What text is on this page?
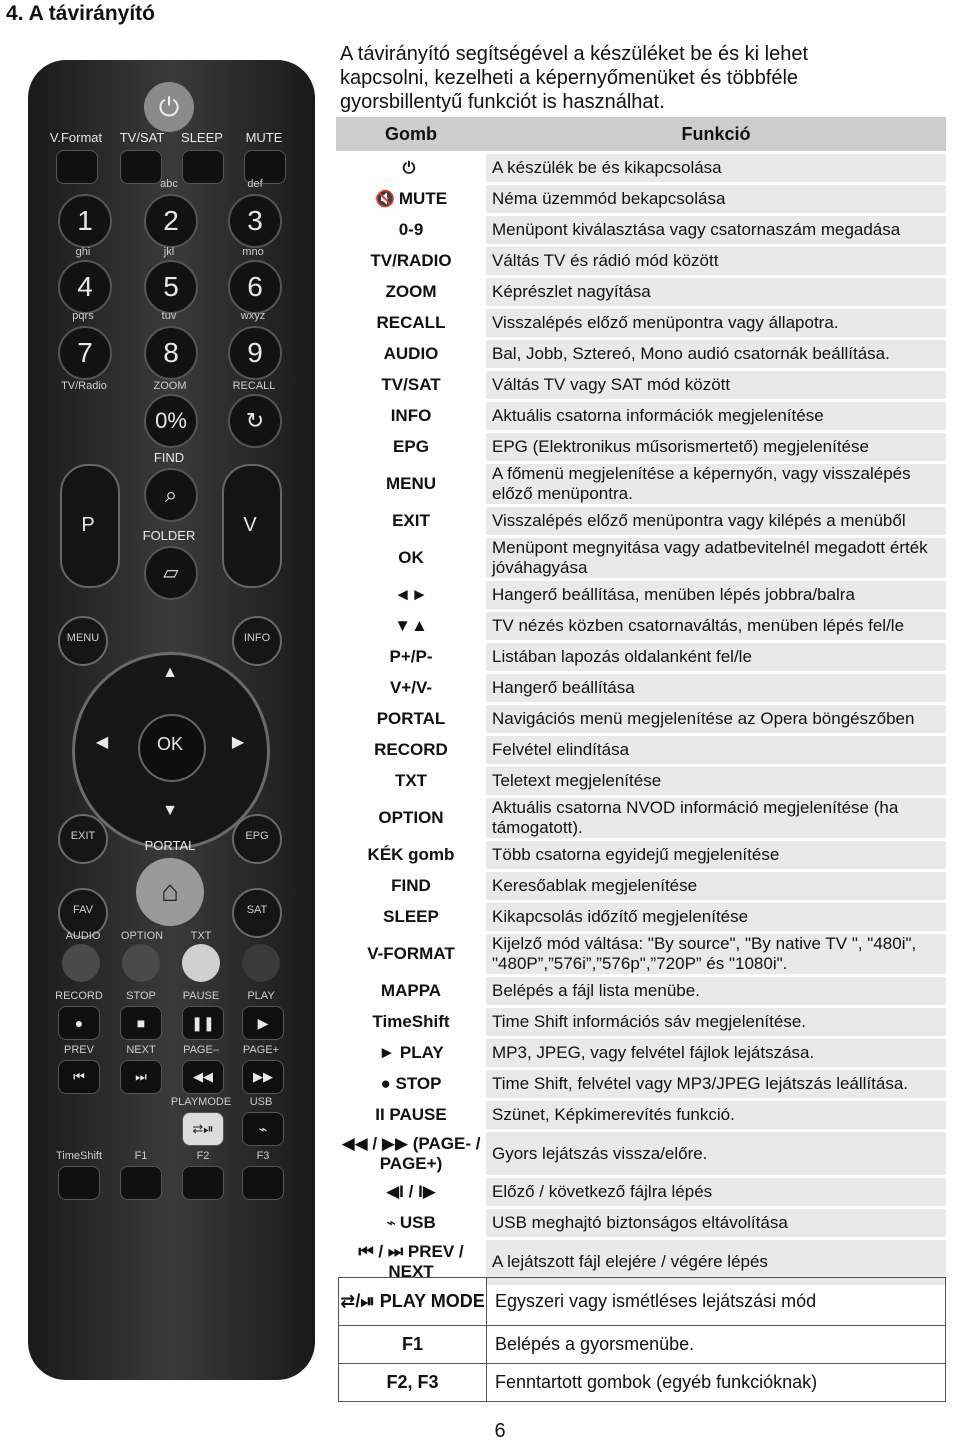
4. A távirányító
A távirányító segítségével a készüléket be és ki lehet kapcsolni, kezelheti a képernyőmenüket és többféle gyorsbillentyű funkciót is használhat.
⏻
V.Format	TV/SAT	SLEEP	MUTE
abc	def
1	2	3
ghi	jkl	mno
4	5	6
pqrs	tuv	wxyz
7	8	9
TV/Radio	ZOOM	RECALL
0%	↻
FIND
P	V
⌕
FOLDER
▱
MENU	INFO
OK
▲
▼
◀	▶
EXIT	EPG
PORTAL
⌂
FAV	SAT
AUDIO	OPTION	TXT
RECORD	STOP	PAUSE	PLAY
●	■	❚❚	▶
PREV	NEXT	PAGE–	PAGE+
⏮	⏭	◀◀	▶▶
PLAYMODE	USB
⇄⏯	⌁
TimeShift	F1	F2	F3
Gomb	Funkció
⏻	A készülék be és kikapcsolása
🔇 MUTE	Néma üzemmód bekapcsolása
0-9	Menüpont kiválasztása vagy csatornaszám megadása
TV/RADIO	Váltás TV és rádió mód között
ZOOM	Képrészlet nagyítása
RECALL	Visszalépés előző menüpontra vagy állapotra.
AUDIO	Bal, Jobb, Sztereó, Mono audió csatornák beállítása.
TV/SAT	Váltás TV vagy SAT mód között
INFO	Aktuális csatorna információk megjelenítése
EPG	EPG (Elektronikus műsorismertető) megjelenítése
MENU	A főmenü megjelenítése a képernyőn, vagy visszalépés előző menüpontra.
EXIT	Visszalépés előző menüpontra vagy kilépés a menüből
OK	Menüpont megnyitása vagy adatbevitelnél megadott érték jóváhagyása
◄►	Hangerő beállítása, menüben lépés jobbra/balra
▼▲	TV nézés közben csatornaváltás, menüben lépés fel/le
P+/P-	Listában lapozás oldalanként fel/le
V+/V-	Hangerő beállítása
PORTAL	Navigációs menü megjelenítése az Opera böngészőben
RECORD	Felvétel elindítása
TXT	Teletext megjelenítése
OPTION	Aktuális csatorna NVOD információ megjelenítése (ha támogatott).
KÉK gomb	Több csatorna egyidejű megjelenítése
FIND	Keresőablak megjelenítése
SLEEP	Kikapcsolás időzítő megjelenítése
V-FORMAT	Kijelző mód váltása: "By source", "By native TV ", "480i", "480P”,”576i”,”576p",”720P” és "1080i".
MAPPA	Belépés a fájl lista menübe.
TimeShift	Time Shift információs sáv megjelenítése.
► PLAY	MP3, JPEG, vagy felvétel fájlok lejátszása.
● STOP	Time Shift, felvétel vagy MP3/JPEG lejátszás leállítása.
II PAUSE	Szünet, Képkimerevítés funkció.
◀◀ / ▶▶ (PAGE- / PAGE+)	Gyors lejátszás vissza/előre.
◀I / I▶	Előző / következő fájlra lépés
⌁ USB	USB meghajtó biztonságos eltávolítása
⏮ / ⏭ PREV / NEXT	A lejátszott fájl elejére / végére lépés
	⇄/⏯ PLAY MODE	Egyszeri vagy ismétléses lejátszási mód
	F1	Belépés a gyorsmenübe.
	F2, F3	Fenntartott gombok (egyéb funkcióknak)
6
